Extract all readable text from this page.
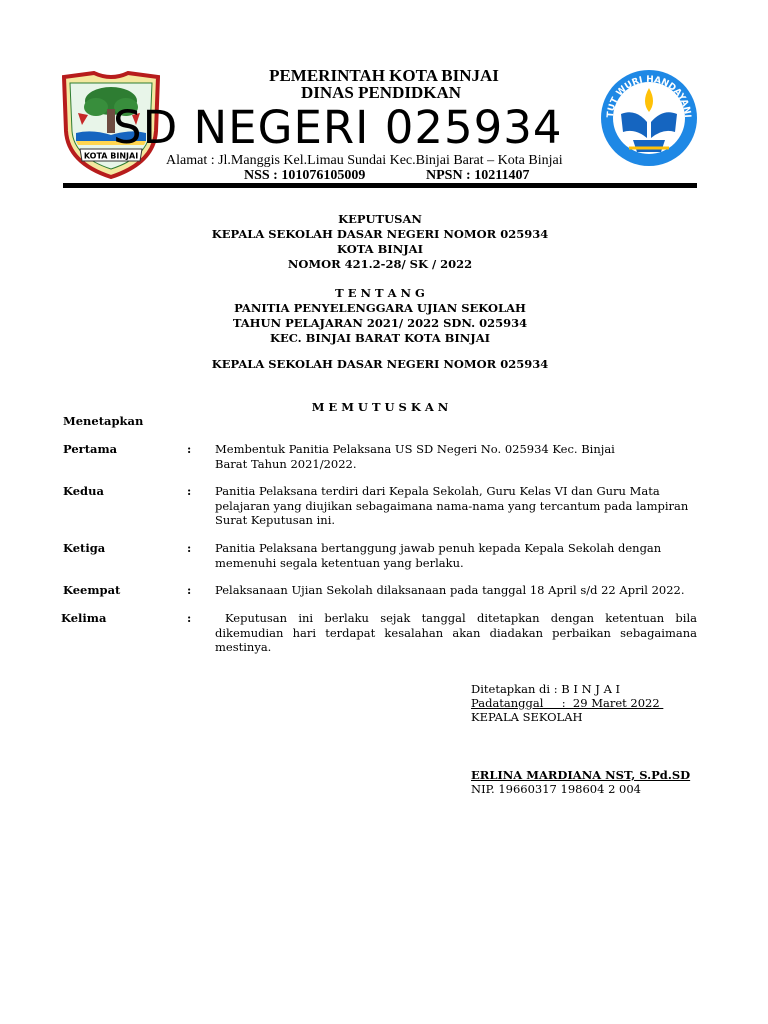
KOTA BINJAI
TUT WURI HANDAYANI
PEMERINTAH KOTA BINJAI
DINAS PENDIDKAN
SD NEGERI 025934
Alamat : Jl.Manggis Kel.Limau Sundai Kec.Binjai Barat – Kota Binjai
NSS : 101076105009	NPSN : 10211407
KEPUTUSAN
KEPALA SEKOLAH DASAR NEGERI NOMOR 025934
KOTA BINJAI
NOMOR 421.2-28/ SK / 2022
T E N T A N G
PANITIA PENYELENGGARA UJIAN SEKOLAH
TAHUN PELAJARAN 2021/ 2022 SDN. 025934
KEC. BINJAI BARAT KOTA BINJAI
KEPALA SEKOLAH DASAR NEGERI NOMOR 025934
M E M U T U S K A N
Menetapkan
Pertama	: Membentuk Panitia Pelaksana US SD Negeri No. 025934 Kec. Binjai
Barat Tahun 2021/2022.
Kedua	: Panitia Pelaksana terdiri dari Kepala Sekolah, Guru Kelas VI dan Guru Mata
pelajaran yang diujikan sebagaimana nama-nama yang tercantum pada lampiran
Surat Keputusan ini.
Ketiga	: Panitia Pelaksana bertanggung jawab penuh kepada Kepala Sekolah dengan
memenuhi segala ketentuan yang berlaku.
Keempat	: Pelaksanaan Ujian Sekolah dilaksanaan pada tanggal 18 April s/d 22 April 2022.
Kelima	:	Keputusan ini berlaku sejak tanggal ditetapkan dengan ketentuan bila
dikemudian hari terdapat kesalahan akan diadakan perbaikan sebagaimana
mestinya.
Ditetapkan di : B I N J A I
Padatanggal     :  29 Maret 2022
KEPALA SEKOLAH
ERLINA MARDIANA NST, S.Pd.SD
NIP. 19660317 198604 2 004
